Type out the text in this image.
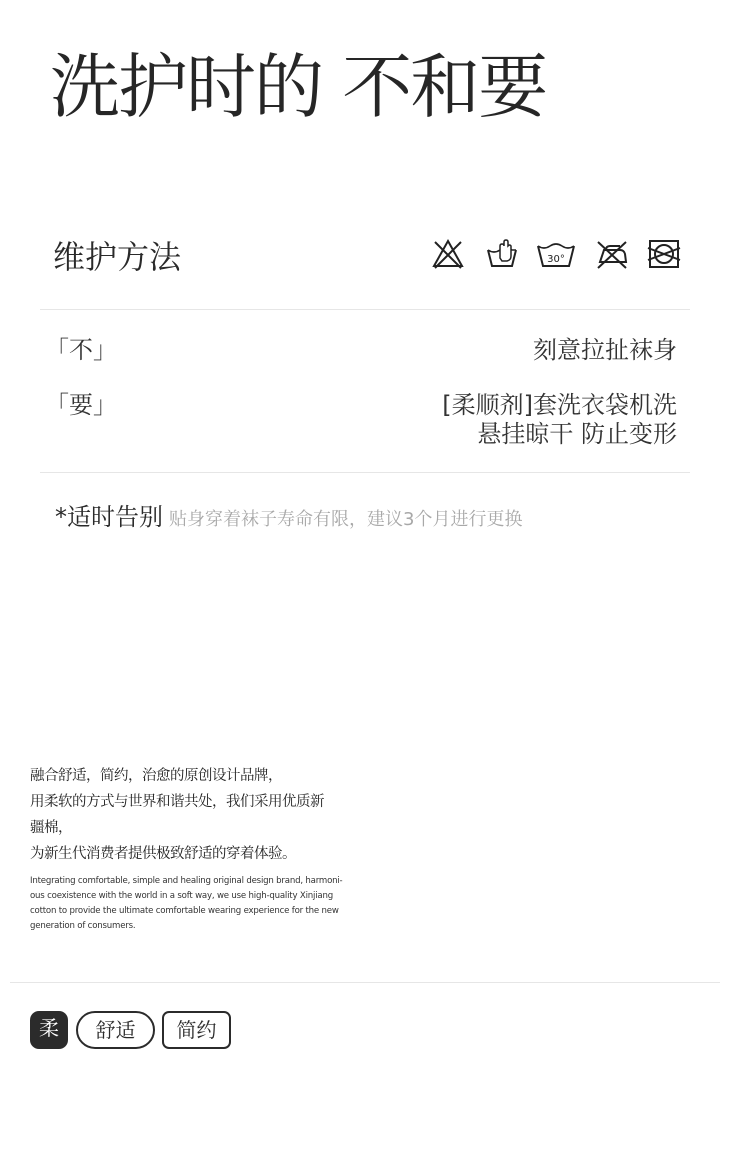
洗护时的 不和要
维护方法	30°
「不」	刻意拉扯袜身
「要」	[柔顺剂]套洗衣袋机洗
悬挂晾干 防止变形
*适时告别 贴身穿着袜子寿命有限，建议3个月进行更换
融合舒适，简约，治愈的原创设计品牌，
用柔软的方式与世界和谐共处，我们采用优质新
疆棉，
为新生代消费者提供极致舒适的穿着体验。
Integrating comfortable, simple and healing original design brand, harmoni-
ous coexistence with the world in a soft way, we use high-quality Xinjiang
cotton to provide the ultimate comfortable wearing experience for the new
generation of consumers.
柔	舒适	简约
